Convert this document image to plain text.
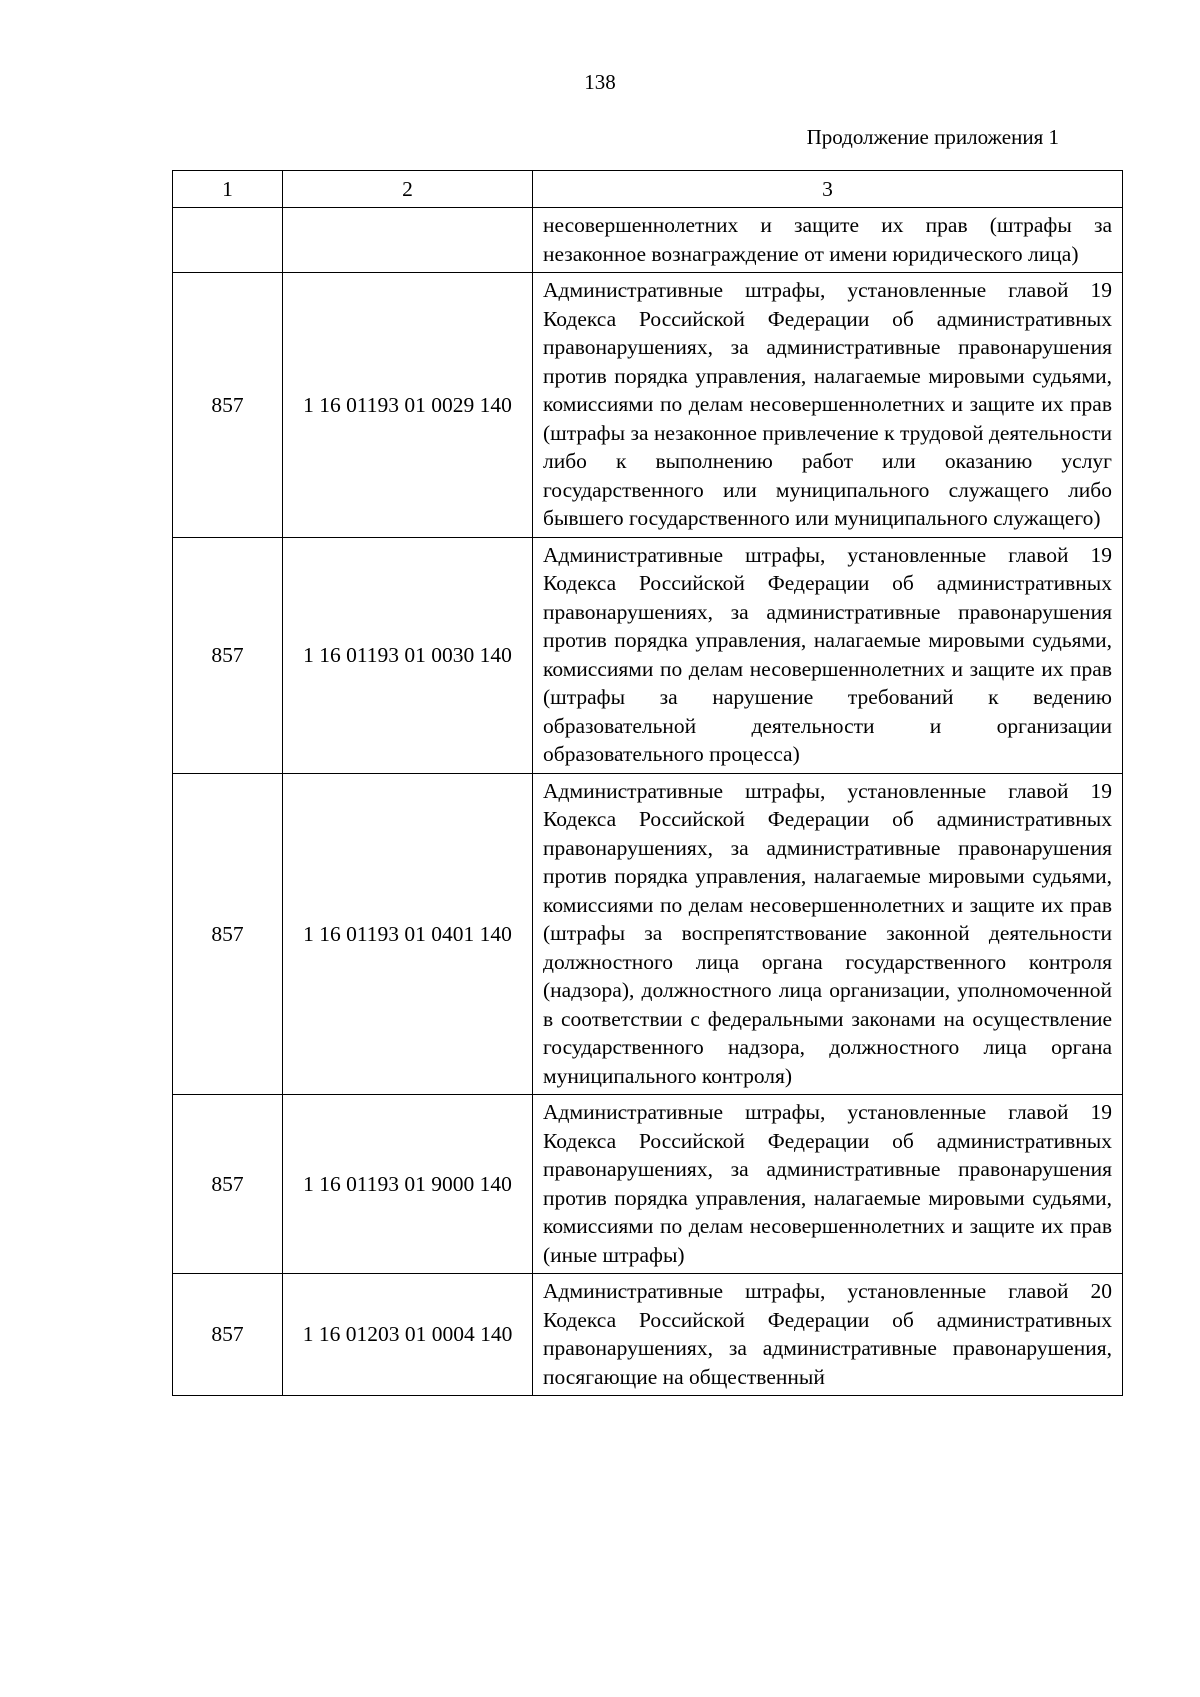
138
Продолжение приложения 1
1	2	3
		несовершеннолетних и защите их прав (штрафы за незаконное вознаграждение от имени юридического лица)
857	1 16 01193 01 0029 140	Административные штрафы, установленные главой 19 Кодекса Российской Федерации об административных правонарушениях, за административные правонарушения против порядка управления, налагаемые мировыми судьями, комиссиями по делам несовершеннолетних и защите их прав (штрафы за незаконное привлечение к трудовой деятельности либо к выполнению работ или оказанию услуг государственного или муниципального служащего либо бывшего государственного или муниципального служащего)
857	1 16 01193 01 0030 140	Административные штрафы, установленные главой 19 Кодекса Российской Федерации об административных правонарушениях, за административные правонарушения против порядка управления, налагаемые мировыми судьями, комиссиями по делам несовершеннолетних и защите их прав (штрафы за нарушение требований к ведению образовательной деятельности и организации образовательного процесса)
857	1 16 01193 01 0401 140	Административные штрафы, установленные главой 19 Кодекса Российской Федерации об административных правонарушениях, за административные правонарушения против порядка управления, налагаемые мировыми судьями, комиссиями по делам несовершеннолетних и защите их прав (штрафы за воспрепятствование законной деятельности должностного лица органа государственного контроля (надзора), должностного лица организации, уполномоченной в соответствии с федеральными законами на осуществление государственного надзора, должностного лица органа муниципального контроля)
857	1 16 01193 01 9000 140	Административные штрафы, установленные главой 19 Кодекса Российской Федерации об административных правонарушениях, за административные правонарушения против порядка управления, налагаемые мировыми судьями, комиссиями по делам несовершеннолетних и защите их прав (иные штрафы)
857	1 16 01203 01 0004 140	Административные штрафы, установленные главой 20 Кодекса Российской Федерации об административных правонарушениях, за административные правонарушения, посягающие на общественный
